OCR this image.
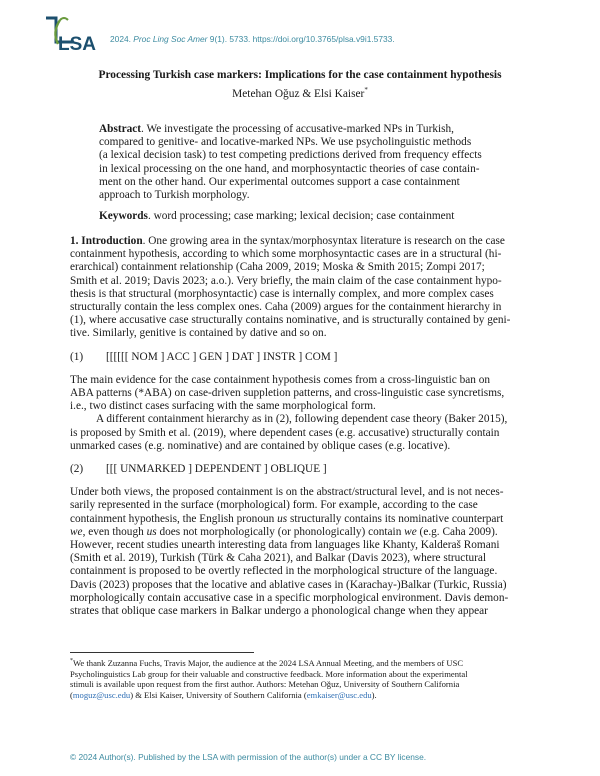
LSA 2024. Proc Ling Soc Amer 9(1). 5733. https://doi.org/10.3765/plsa.v9i1.5733.
Processing Turkish case markers: Implications for the case containment hypothesis
Metehan Oğuz & Elsi Kaiser*
Abstract. We investigate the processing of accusative-marked NPs in Turkish,
compared to genitive- and locative-marked NPs. We use psycholinguistic methods
(a lexical decision task) to test competing predictions derived from frequency effects
in lexical processing on the one hand, and morphosyntactic theories of case contain-
ment on the other hand. Our experimental outcomes support a case containment
approach to Turkish morphology.
Keywords. word processing; case marking; lexical decision; case containment
1. Introduction. One growing area in the syntax/morphosyntax literature is research on the case
containment hypothesis, according to which some morphosyntactic cases are in a structural (hi-
erarchical) containment relationship (Caha 2009, 2019; Moska & Smith 2015; Zompi 2017;
Smith et al. 2019; Davis 2023; a.o.). Very briefly, the main claim of the case containment hypo-
thesis is that structural (morphosyntactic) case is internally complex, and more complex cases
structurally contain the less complex ones. Caha (2009) argues for the containment hierarchy in
(1), where accusative case structurally contains nominative, and is structurally contained by geni-
tive. Similarly, genitive is contained by dative and so on.
(1) [[[[[[ NOM ] ACC ] GEN ] DAT ] INSTR ] COM ]
The main evidence for the case containment hypothesis comes from a cross-linguistic ban on
ABA patterns (*ABA) on case-driven suppletion patterns, and cross-linguistic case syncretisms,
i.e., two distinct cases surfacing with the same morphological form.
A different containment hierarchy as in (2), following dependent case theory (Baker 2015),
is proposed by Smith et al. (2019), where dependent cases (e.g. accusative) structurally contain
unmarked cases (e.g. nominative) and are contained by oblique cases (e.g. locative).
(2) [[[ UNMARKED ] DEPENDENT ] OBLIQUE ]
Under both views, the proposed containment is on the abstract/structural level, and is not neces-
sarily represented in the surface (morphological) form. For example, according to the case
containment hypothesis, the English pronoun us structurally contains its nominative counterpart
we, even though us does not morphologically (or phonologically) contain we (e.g. Caha 2009).
However, recent studies unearth interesting data from languages like Khanty, Kalderaš Romani
(Smith et al. 2019), Turkish (Türk & Caha 2021), and Balkar (Davis 2023), where structural
containment is proposed to be overtly reflected in the morphological structure of the language.
Davis (2023) proposes that the locative and ablative cases in (Karachay-)Balkar (Turkic, Russia)
morphologically contain accusative case in a specific morphological environment. Davis demon-
strates that oblique case markers in Balkar undergo a phonological change when they appear
*We thank Zuzanna Fuchs, Travis Major, the audience at the 2024 LSA Annual Meeting, and the members of USC
Psycholinguistics Lab group for their valuable and constructive feedback. More information about the experimental
stimuli is available upon request from the first author. Authors: Metehan Oğuz, University of Southern California
(moguz@usc.edu) & Elsi Kaiser, University of Southern California (emkaiser@usc.edu).
© 2024 Author(s). Published by the LSA with permission of the author(s) under a CC BY license.
